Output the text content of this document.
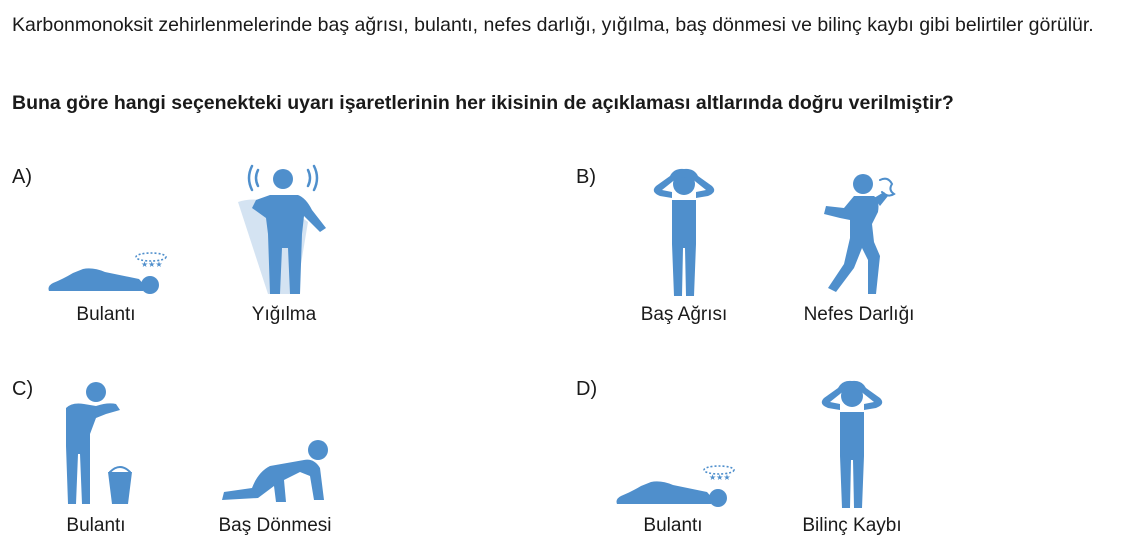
Karbonmonoksit zehirlenmelerinde baş ağrısı, bulantı, nefes darlığı, yığılma, baş dönmesi ve bilinç kaybı gibi belirtiler görülür.
Buna göre hangi seçenekteki uyarı işaretlerinin her ikisinin de açıklaması altlarında doğru verilmiştir?
A)
★★★
Bulantı	Yığılma
B)
Baş Ağrısı	Nefes Darlığı
C)
Bulantı	Baş Dönmesi
D)
★★★
Bulantı	Bilinç Kaybı
